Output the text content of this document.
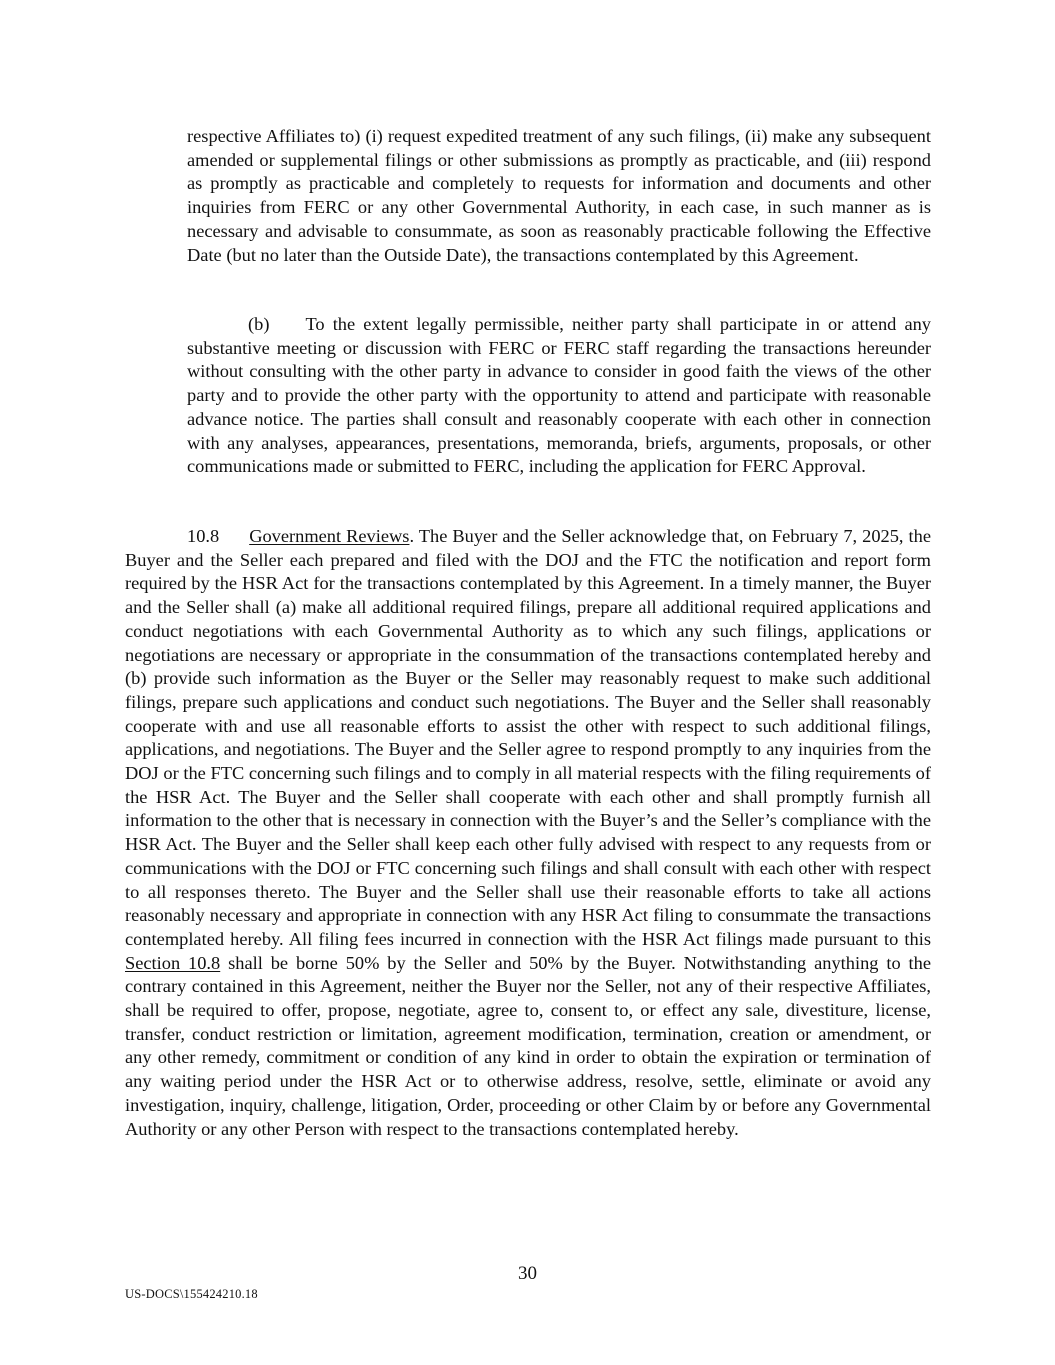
respective Affiliates to) (i) request expedited treatment of any such filings, (ii) make any subsequent amended or supplemental filings or other submissions as promptly as practicable, and (iii) respond as promptly as practicable and completely to requests for information and documents and other inquiries from FERC or any other Governmental Authority, in each case, in such manner as is necessary and advisable to consummate, as soon as reasonably practicable following the Effective Date (but no later than the Outside Date), the transactions contemplated by this Agreement.

(b) To the extent legally permissible, neither party shall participate in or attend any substantive meeting or discussion with FERC or FERC staff regarding the transactions hereunder without consulting with the other party in advance to consider in good faith the views of the other party and to provide the other party with the opportunity to attend and participate with reasonable advance notice. The parties shall consult and reasonably cooperate with each other in connection with any analyses, appearances, presentations, memoranda, briefs, arguments, proposals, or other communications made or submitted to FERC, including the application for FERC Approval.

10.8 Government Reviews. The Buyer and the Seller acknowledge that, on February 7, 2025, the Buyer and the Seller each prepared and filed with the DOJ and the FTC the notification and report form required by the HSR Act for the transactions contemplated by this Agreement. In a timely manner, the Buyer and the Seller shall (a) make all additional required filings, prepare all additional required applications and conduct negotiations with each Governmental Authority as to which any such filings, applications or negotiations are necessary or appropriate in the consummation of the transactions contemplated hereby and (b) provide such information as the Buyer or the Seller may reasonably request to make such additional filings, prepare such applications and conduct such negotiations. The Buyer and the Seller shall reasonably cooperate with and use all reasonable efforts to assist the other with respect to such additional filings, applications, and negotiations. The Buyer and the Seller agree to respond promptly to any inquiries from the DOJ or the FTC concerning such filings and to comply in all material respects with the filing requirements of the HSR Act. The Buyer and the Seller shall cooperate with each other and shall promptly furnish all information to the other that is necessary in connection with the Buyer’s and the Seller’s compliance with the HSR Act. The Buyer and the Seller shall keep each other fully advised with respect to any requests from or communications with the DOJ or FTC concerning such filings and shall consult with each other with respect to all responses thereto. The Buyer and the Seller shall use their reasonable efforts to take all actions reasonably necessary and appropriate in connection with any HSR Act filing to consummate the transactions contemplated hereby. All filing fees incurred in connection with the HSR Act filings made pursuant to this Section 10.8 shall be borne 50% by the Seller and 50% by the Buyer. Notwithstanding anything to the contrary contained in this Agreement, neither the Buyer nor the Seller, not any of their respective Affiliates, shall be required to offer, propose, negotiate, agree to, consent to, or effect any sale, divestiture, license, transfer, conduct restriction or limitation, agreement modification, termination, creation or amendment, or any other remedy, commitment or condition of any kind in order to obtain the expiration or termination of any waiting period under the HSR Act or to otherwise address, resolve, settle, eliminate or avoid any investigation, inquiry, challenge, litigation, Order, proceeding or other Claim by or before any Governmental Authority or any other Person with respect to the transactions contemplated hereby.

30
US-DOCS\155424210.18
